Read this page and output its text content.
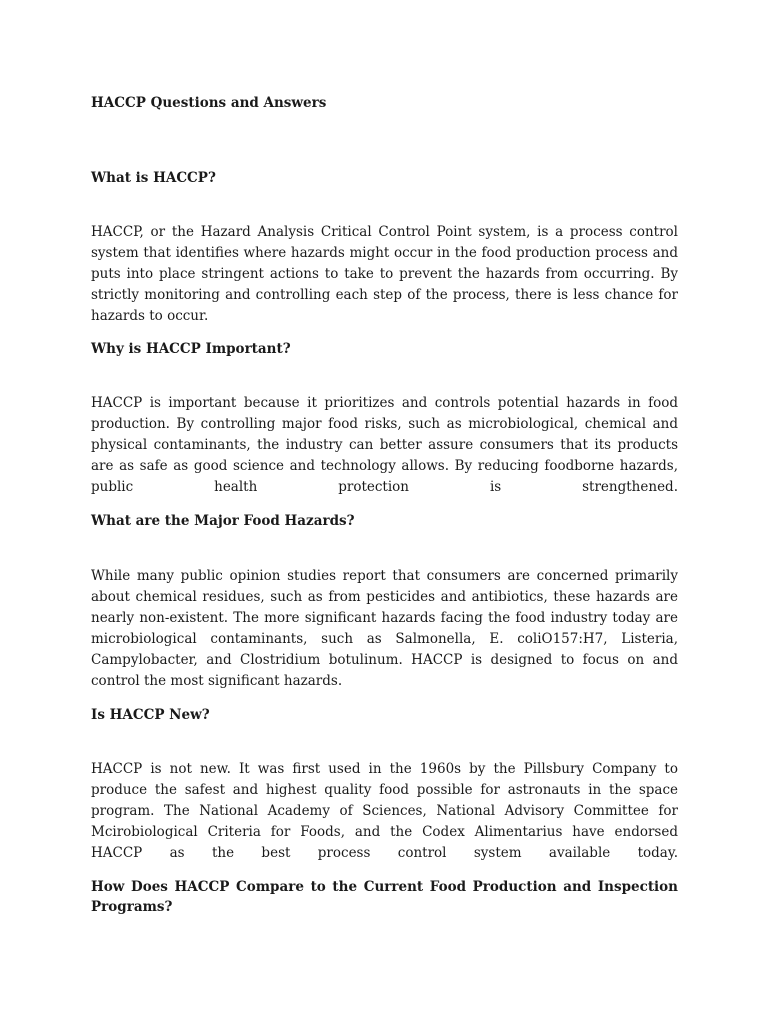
HACCP Questions and Answers

What is HACCP?

HACCP, or the Hazard Analysis Critical Control Point system, is a process control system that identifies where hazards might occur in the food production process and puts into place stringent actions to take to prevent the hazards from occurring. By strictly monitoring and controlling each step of the process, there is less chance for hazards to occur.

Why is HACCP Important?

HACCP is important because it prioritizes and controls potential hazards in food production. By controlling major food risks, such as microbiological, chemical and physical contaminants, the industry can better assure consumers that its products are as safe as good science and technology allows. By reducing foodborne hazards, public health protection is strengthened.

What are the Major Food Hazards?

While many public opinion studies report that consumers are concerned primarily about chemical residues, such as from pesticides and antibiotics, these hazards are nearly non-existent. The more significant hazards facing the food industry today are microbiological contaminants, such as Salmonella, E. coliO157:H7, Listeria, Campylobacter, and Clostridium botulinum. HACCP is designed to focus on and control the most significant hazards.

Is HACCP New?

HACCP is not new. It was first used in the 1960s by the Pillsbury Company to produce the safest and highest quality food possible for astronauts in the space program. The National Academy of Sciences, National Advisory Committee for Mcirobiological Criteria for Foods, and the Codex Alimentarius have endorsed HACCP as the best process control system available today.

How Does HACCP Compare to the Current Food Production and Inspection Programs?
